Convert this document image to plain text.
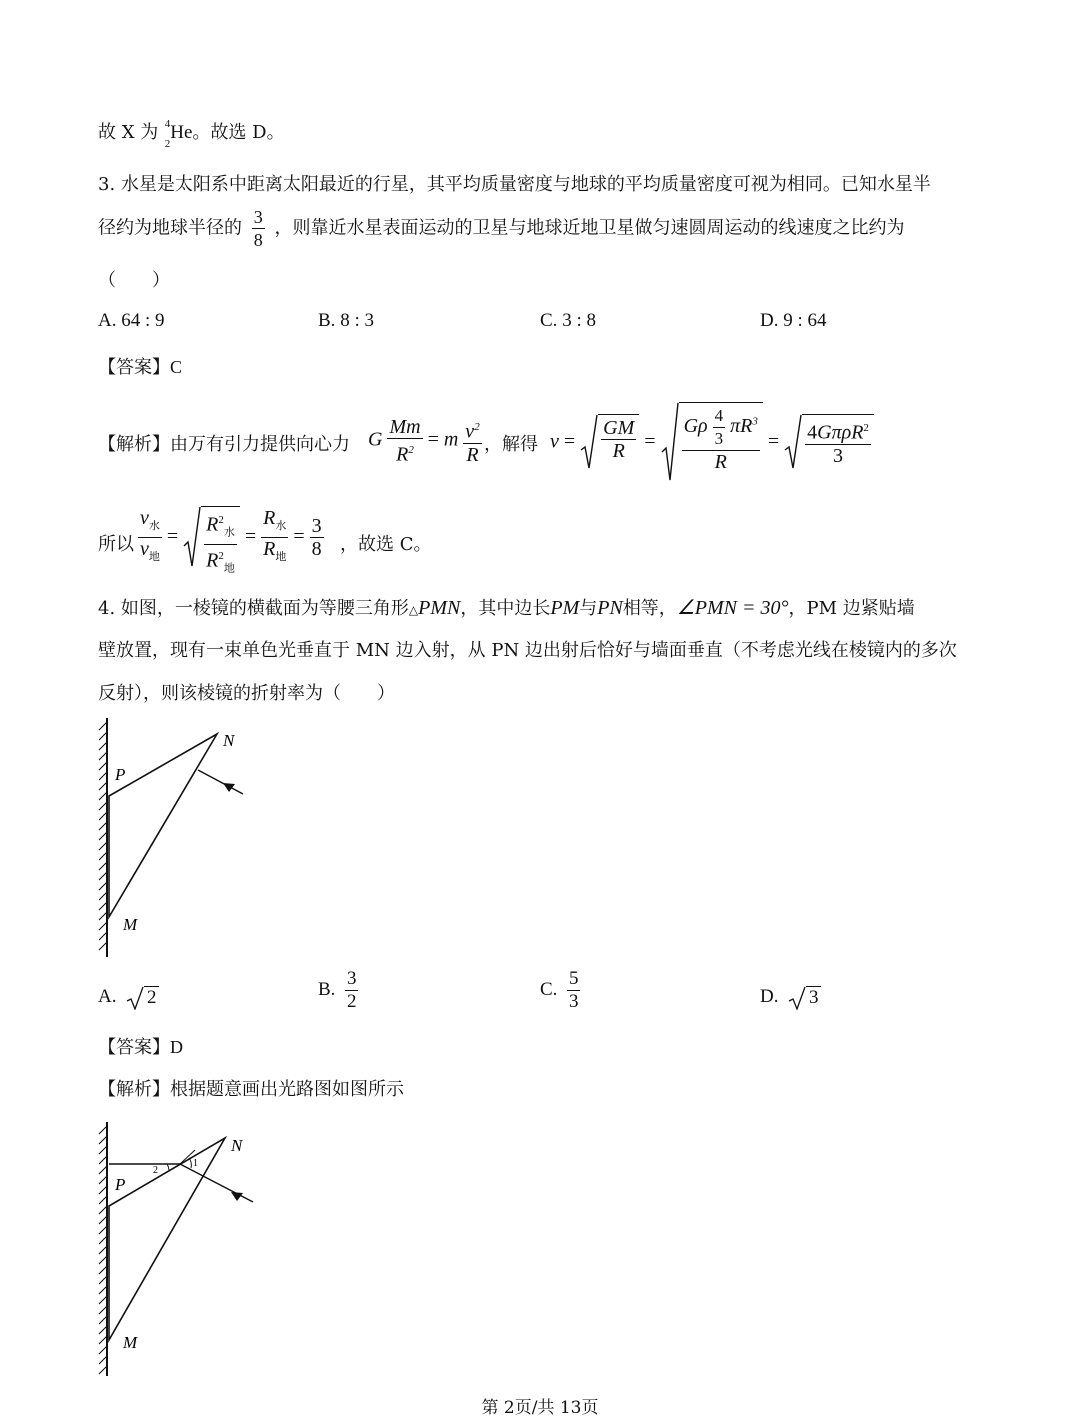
故 X 为 4
2
He。故选 D。
3. 水星是太阳系中距离太阳最近的行星，其平均质量密度与地球的平均质量密度可视为相同。已知水星半
径约为地球半径的 $\frac{3}{8}$ ，则靠近水星表面运动的卫星与地球近地卫星做匀速圆周运动的线速度之比约为
（　　）
A. 64 : 9	B. 8 : 3	C. 3 : 8	D. 9 : 64
【答案】C
【解析】由万有引力提供向心力 G $\frac{Mm}{R^2} = m \frac{v^2}{R}$ ，解得 $v = \frac{GM}{R} = \frac{G\rho \frac{4}{3} \pi R^3}{R} = \frac{4G\pi\rho R^2}{3}$
所以 $\frac{v_水}{v_地} = \frac{R^2_水}{R^2_地} = \frac{R_水}{R_地} = \frac{3}{8}$ ，故选 C。
4. 如图，一棱镜的横截面为等腰三角形△PMN，其中边长PM与PN相等，∠PMN = 30°，PM 边紧贴墙
壁放置，现有一束单色光垂直于 MN 边入射，从 PN 边出射后恰好与墙面垂直（不考虑光线在棱镜内的多次
反射），则该棱镜的折射率为（　　）
N
P
M
A. 2	B. $\frac{3}{2}$	C. $\frac{5}{3}$	D. 3
【答案】D
【解析】根据题意画出光路图如图所示
2
1
N
P
M
第 2页/共 13页
